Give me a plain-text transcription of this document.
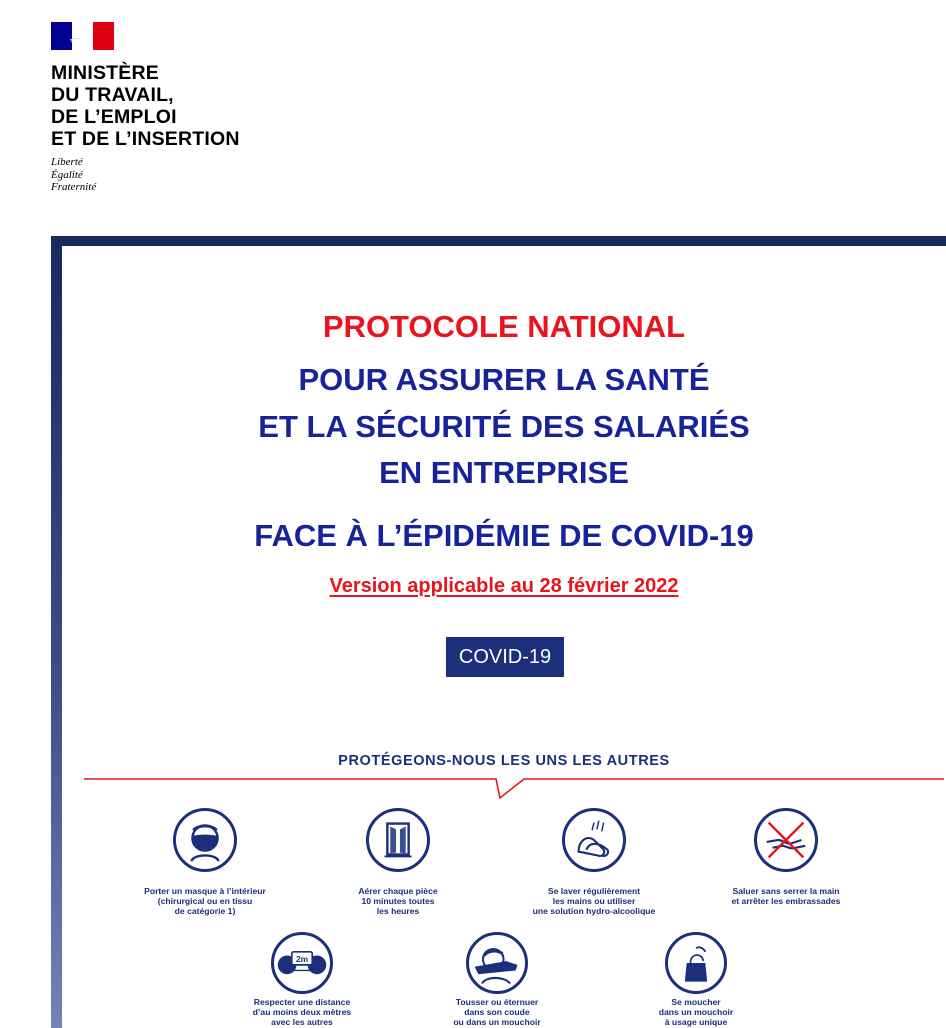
MINISTÈRE
DU TRAVAIL,
DE L’EMPLOI
ET DE L’INSERTION
Liberté
Égalité
Fraternité
PROTOCOLE NATIONAL
POUR ASSURER LA SANTÉ
ET LA SÉCURITÉ DES SALARIÉS
EN ENTREPRISE
FACE À L’ÉPIDÉMIE DE COVID-19
Version applicable au 28 février 2022
COVID-19
PROTÉGEONS-NOUS LES UNS LES AUTRES
Porter un masque à l’intérieur
(chirurgical ou en tissu
de catégorie 1)
Aérer chaque pièce
10 minutes toutes
les heures
Se laver régulièrement
les mains ou utiliser
une solution hydro-alcoolique
Saluer sans serrer la main
et arrêter les embrassades
2m
Respecter une distance
d’au moins deux mètres
avec les autres
Tousser ou éternuer
dans son coude
ou dans un mouchoir
Se moucher
dans un mouchoir
à usage unique
